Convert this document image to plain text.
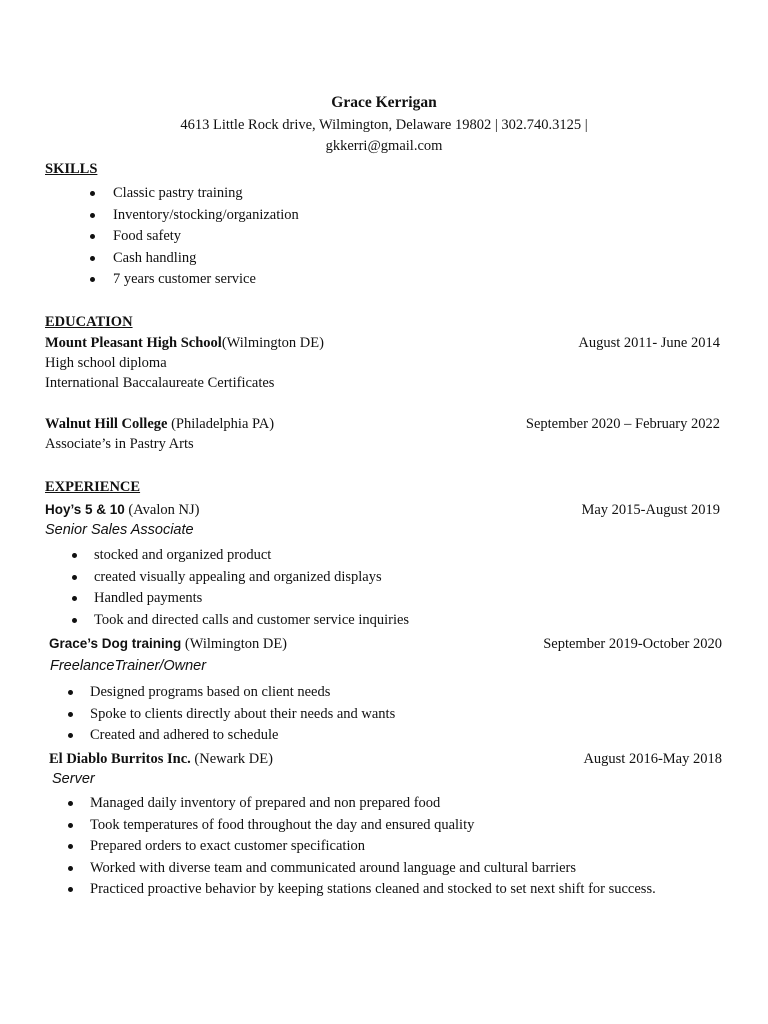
Grace Kerrigan
4613 Little Rock drive, Wilmington, Delaware 19802 | 302.740.3125 |
gkkerri@gmail.com
SKILLS
Classic pastry training
Inventory/stocking/organization
Food safety
Cash handling
7 years customer service
EDUCATION
Mount Pleasant High School(Wilmington DE)	August 2011- June 2014
High school diploma
International Baccalaureate Certificates
Walnut Hill College (Philadelphia PA)	September 2020 – February 2022
Associate’s in Pastry Arts
EXPERIENCE
Hoy’s 5 & 10 (Avalon NJ)	May 2015-August 2019
Senior Sales Associate
stocked and organized product
created visually appealing and organized displays
Handled payments
Took and directed calls and customer service inquiries
Grace’s Dog training (Wilmington DE)	September 2019-October 2020
FreelanceTrainer/Owner
Designed programs based on client needs
Spoke to clients directly about their needs and wants
Created and adhered to schedule
El Diablo Burritos Inc. (Newark DE)	August 2016-May 2018
Server
Managed daily inventory of prepared and non prepared food
Took temperatures of food throughout the day and ensured quality
Prepared orders to exact customer specification
Worked with diverse team and communicated around language and cultural barriers
Practiced proactive behavior by keeping stations cleaned and stocked to set next shift for success.
